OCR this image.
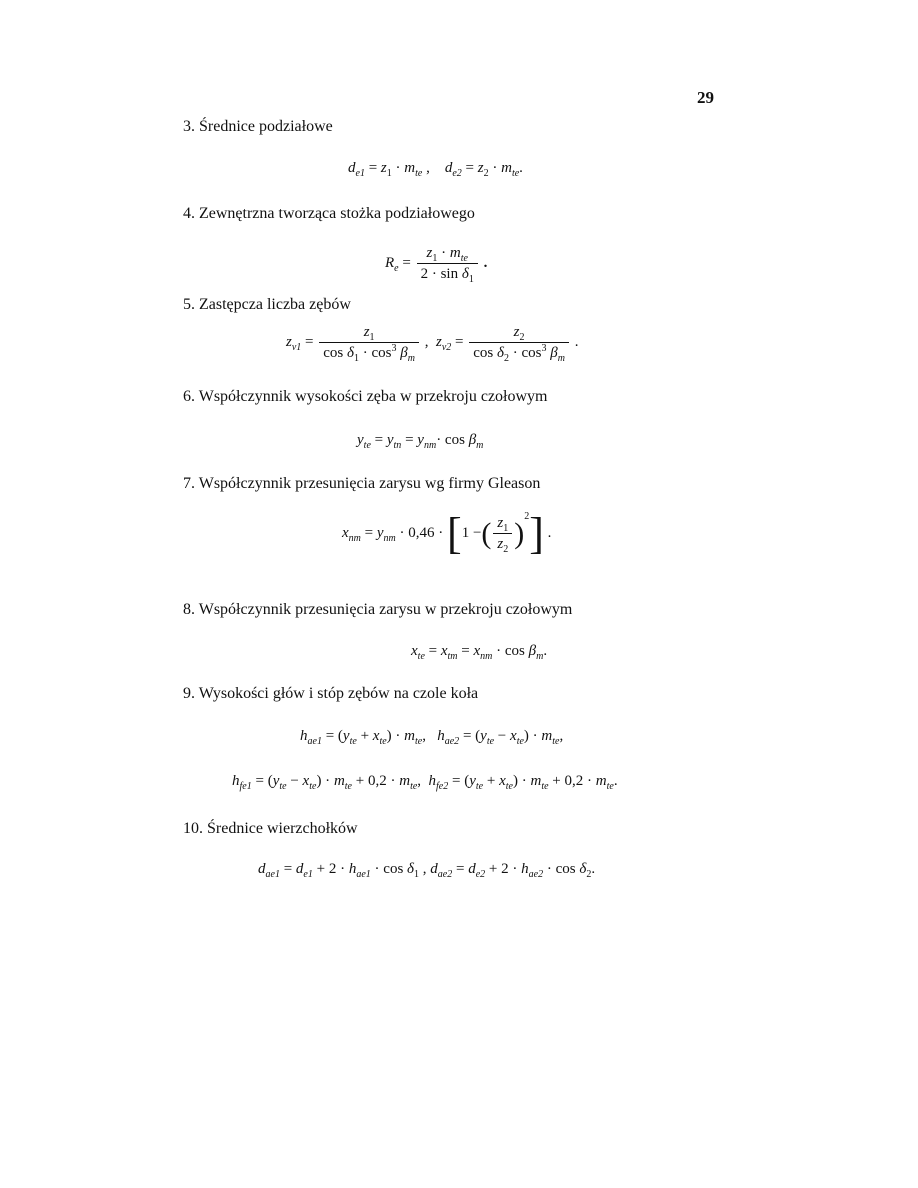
29
3. Średnice podziałowe
$d_{e1} = z_1 \cdot m_{te}$ ,    $d_{e2} = z_2 \cdot m_{te}$.
4. Zewnętrzna tworząca stożka podziałowego
$R_e = \frac{z_1 \cdot m_{te}}{2 \cdot \sin \delta_1}$ .
5. Zastępcza liczba zębów
$z_{v1} = \frac{z_1}{\cos \delta_1 \cdot \cos^3 \beta_m}$ ,  $z_{v2} = \frac{z_2}{\cos \delta_2 \cdot \cos^3 \beta_m}$ .
6. Współczynnik wysokości zęba w przekroju czołowym
$y_{te} = y_{tn} = y_{nm}\cdot \cos \beta_m$
7. Współczynnik przesunięcia zarysu wg firmy Gleason
$x_{nm} = y_{nm} \cdot 0,46 \cdot [1$ −( $\frac{z_1}{z_2} )^2$] .
8. Współczynnik przesunięcia zarysu w przekroju czołowym
$x_{te} = x_{tm} = x_{nm} \cdot \cos \beta_m$.
9. Wysokości głów i stóp zębów na czole koła
$h_{ae1} = (y_{te} + x_{te}) \cdot m_{te}$,   $h_{ae2} = (y_{te} - x_{te}) \cdot m_{te}$,
$h_{fe1} = (y_{te} - x_{te}) \cdot m_{te} + 0,2 \cdot m_{te}$,  $h_{fe2} = (y_{te} + x_{te}) \cdot m_{te} + 0,2 \cdot m_{te}$.
10. Średnice wierzchołków
$d_{ae1} = d_{e1} + 2 \cdot h_{ae1} \cdot \cos \delta_1$ , $d_{ae2} = d_{e2} + 2 \cdot h_{ae2} \cdot \cos \delta_2$.
